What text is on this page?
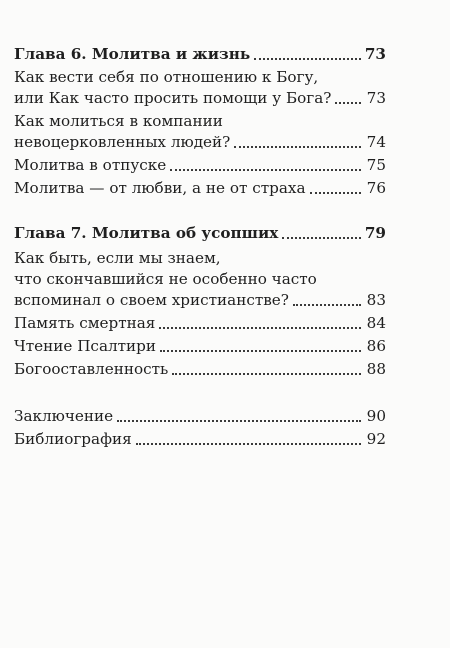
Глава 6. Молитва и жизнь	73
Как вести себя по отношению к Богу,
или Как часто просить помощи у Бога? 73
Как молиться в компании
невоцерковленных людей?	74
Молитва в отпуске	75
Молитва — от любви, а не от страха	76
Глава 7. Молитва об усопших	79
Как быть, если мы знаем,
что скончавшийся не особенно часто
вспоминал о своем христианстве?	83
Память смертная	84
Чтение Псалтири	86
Богооставленность	88
Заключение	90
Библиография	92
